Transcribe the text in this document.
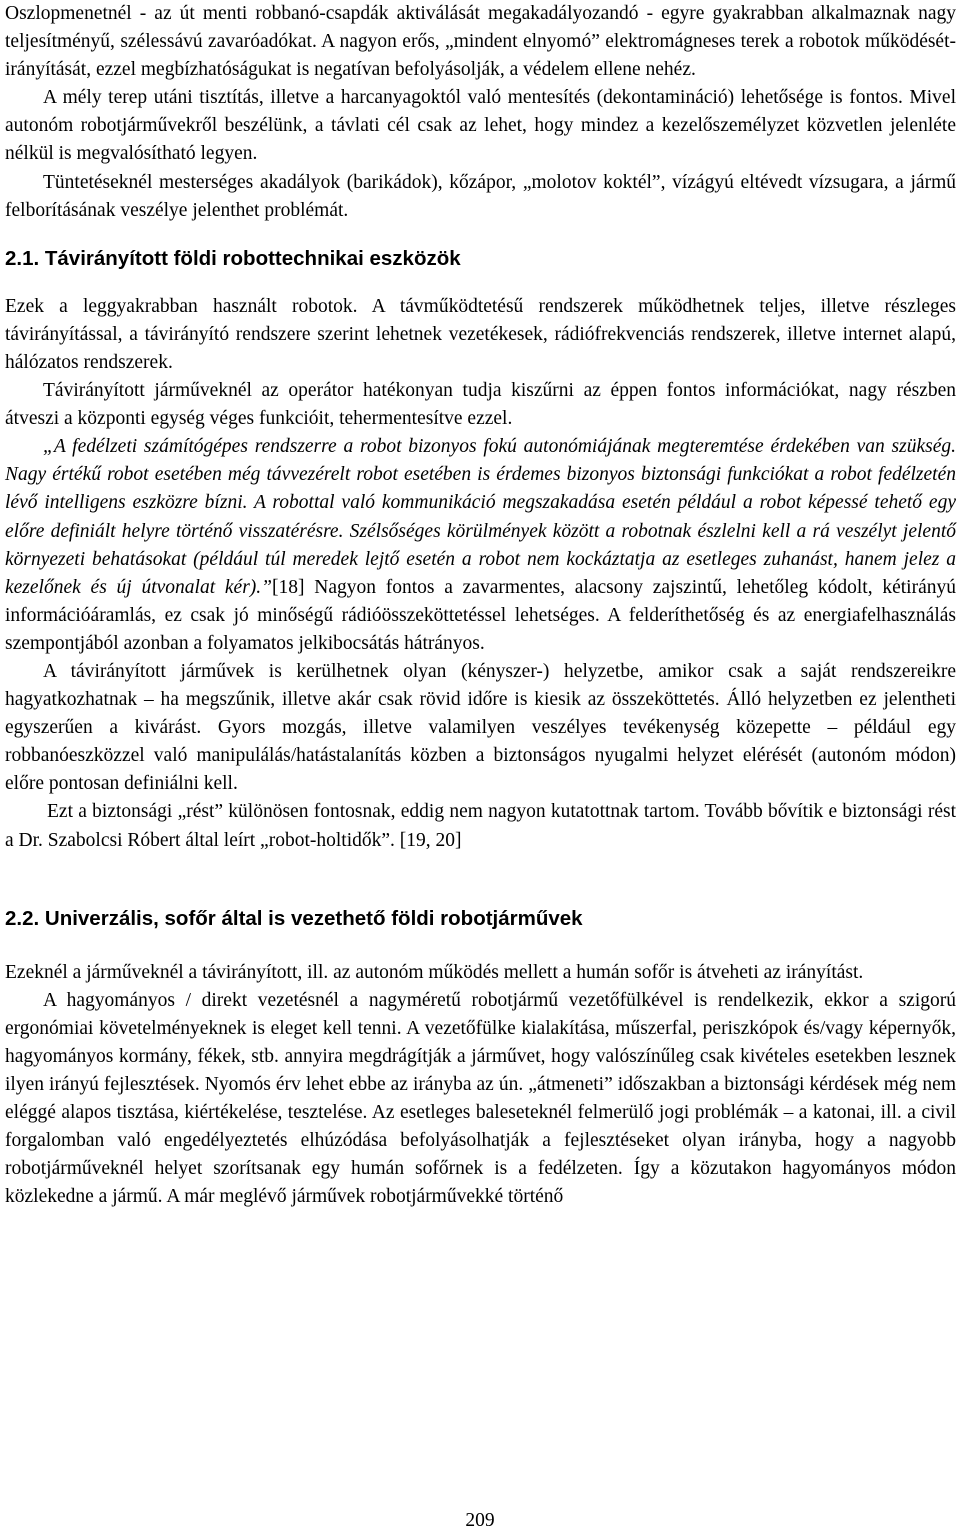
Oszlopmenetnél - az út menti robbanó-csapdák aktiválását megakadályozandó - egyre gyakrabban alkalmaznak nagy teljesítményű, szélessávú zavaróadókat. A nagyon erős, „mindent elnyomó” elektromágneses terek a robotok működését-irányítását, ezzel megbízhatóságukat is negatívan befolyásolják, a védelem ellene nehéz.

A mély terep utáni tisztítás, illetve a harcanyagoktól való mentesítés (dekontamináció) lehetősége is fontos. Mivel autonóm robotjárművekről beszélünk, a távlati cél csak az lehet, hogy mindez a kezelőszemélyzet közvetlen jelenléte nélkül is megvalósítható legyen.

Tüntetéseknél mesterséges akadályok (barikádok), kőzápor, „molotov koktél”, vízágyú eltévedt vízsugara, a jármű felborításának veszélye jelenthet problémát.

2.1. Távirányított földi robottechnikai eszközök

Ezek a leggyakrabban használt robotok. A távműködtetésű rendszerek működhetnek teljes, illetve részleges távirányítással, a távirányító rendszere szerint lehetnek vezetékesek, rádiófrekvenciás rendszerek, illetve internet alapú, hálózatos rendszerek.

Távirányított járműveknél az operátor hatékonyan tudja kiszűrni az éppen fontos információkat, nagy részben átveszi a központi egység véges funkcióit, tehermentesítve ezzel.

„A fedélzeti számítógépes rendszerre a robot bizonyos fokú autonómiájának megteremtése érdekében van szükség. Nagy értékű robot esetében még távvezérelt robot esetében is érdemes bizonyos biztonsági funkciókat a robot fedélzetén lévő intelligens eszközre bízni. A robottal való kommunikáció megszakadása esetén például a robot képessé tehető egy előre definiált helyre történő visszatérésre. Szélsőséges körülmények között a robotnak észlelni kell a rá veszélyt jelentő környezeti behatásokat (például túl meredek lejtő esetén a robot nem kockáztatja az esetleges zuhanást, hanem jelez a kezelőnek és új útvonalat kér).”[18] Nagyon fontos a zavarmentes, alacsony zajszintű, lehetőleg kódolt, kétirányú információáramlás, ez csak jó minőségű rádióösszeköttetéssel lehetséges. A felderíthetőség és az energiafelhasználás szempontjából azonban a folyamatos jelkibocsátás hátrányos.

A távirányított járművek is kerülhetnek olyan (kényszer-) helyzetbe, amikor csak a saját rendszereikre hagyatkozhatnak – ha megszűnik, illetve akár csak rövid időre is kiesik az összeköttetés. Álló helyzetben ez jelentheti egyszerűen a kivárást. Gyors mozgás, illetve valamilyen veszélyes tevékenység közepette – például egy robbanóeszközzel való manipulálás/hatástalanítás közben a biztonságos nyugalmi helyzet elérését (autonóm módon) előre pontosan definiálni kell.

Ezt a biztonsági „rést” különösen fontosnak, eddig nem nagyon kutatottnak tartom. Tovább bővítik e biztonsági rést a Dr. Szabolcsi Róbert által leírt „robot-holtidők”. [19, 20]

2.2. Univerzális, sofőr által is vezethető földi robotjárművek

Ezeknél a járműveknél a távirányított, ill. az autonóm működés mellett a humán sofőr is átveheti az irányítást.

A hagyományos / direkt vezetésnél a nagyméretű robotjármű vezetőfülkével is rendelkezik, ekkor a szigorú ergonómiai követelményeknek is eleget kell tenni. A vezetőfülke kialakítása, műszerfal, periszkópok és/vagy képernyők, hagyományos kormány, fékek, stb. annyira megdrágítják a járművet, hogy valószínűleg csak kivételes esetekben lesznek ilyen irányú fejlesztések. Nyomós érv lehet ebbe az irányba az ún. „átmeneti” időszakban a biztonsági kérdések még nem eléggé alapos tisztása, kiértékelése, tesztelése. Az esetleges baleseteknél felmerülő jogi problémák – a katonai, ill. a civil forgalomban való engedélyeztetés elhúzódása befolyásolhatják a fejlesztéseket olyan irányba, hogy a nagyobb robotjárműveknél helyet szorítsanak egy humán sofőrnek is a fedélzeten. Így a közutakon hagyományos módon közlekedne a jármű. A már meglévő járművek robotjárművekké történő

209
